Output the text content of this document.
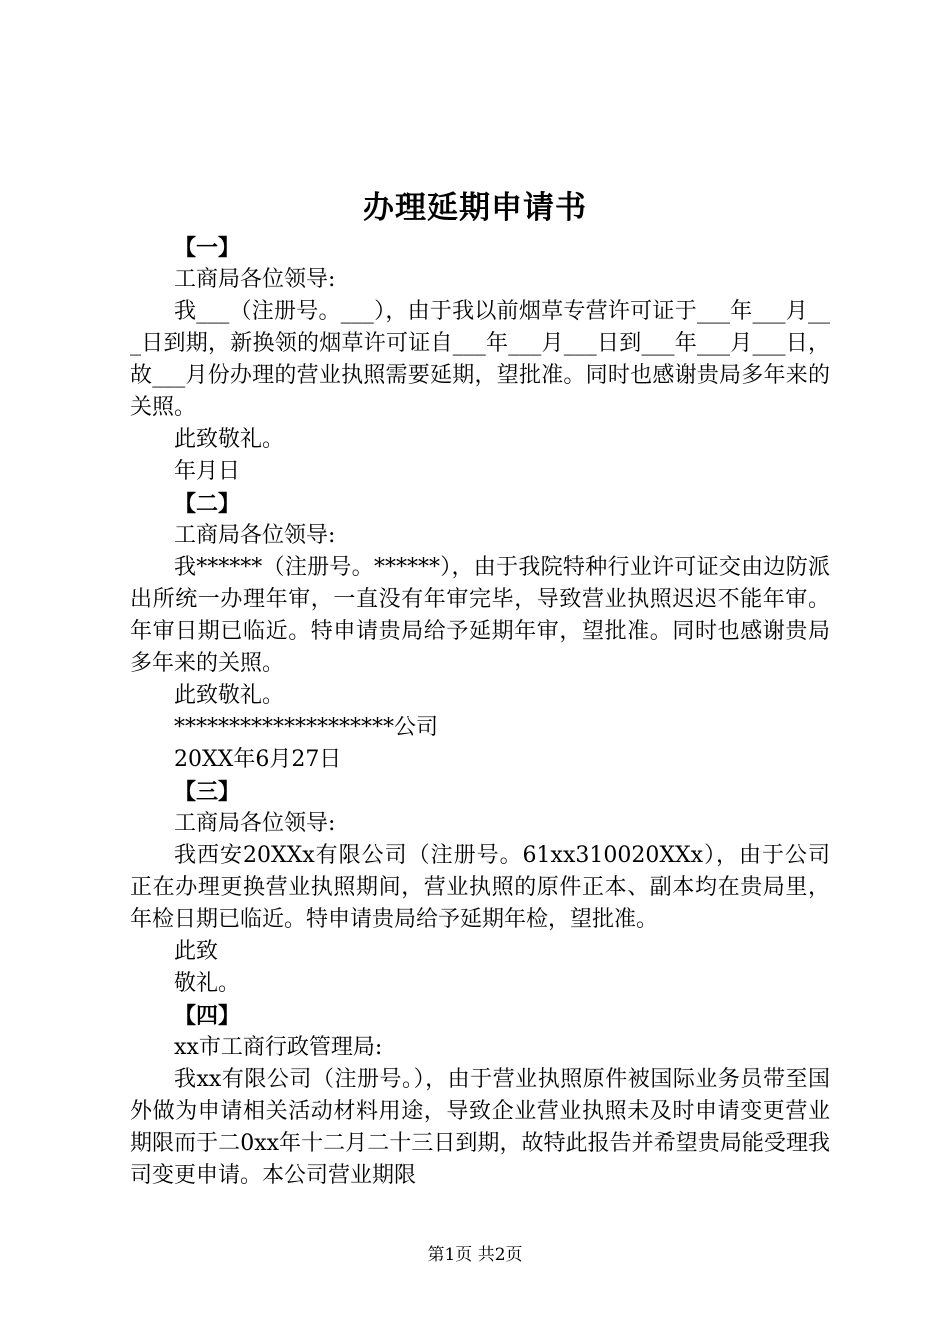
办理延期申请书

【一】

工商局各位领导:

我___（注册号。___），由于我以前烟草专营许可证于___年___月___日到期，新换领的烟草许可证自___年___月___日到___年___月___日，故___月份办理的营业执照需要延期，望批准。同时也感谢贵局多年来的关照。

此致敬礼。

年月日

【二】

工商局各位领导:

我******（注册号。******），由于我院特种行业许可证交由边防派出所统一办理年审，一直没有年审完毕，导致营业执照迟迟不能年审。年审日期已临近。特申请贵局给予延期年审，望批准。同时也感谢贵局多年来的关照。

此致敬礼。

********************公司

20XX年6月27日

【三】

工商局各位领导:

我西安20XXx有限公司（注册号。61xx310020XXx），由于公司正在办理更换营业执照期间，营业执照的原件正本、副本均在贵局里，年检日期已临近。特申请贵局给予延期年检，望批准。

此致

敬礼。

【四】

xx市工商行政管理局:

我xx有限公司（注册号。），由于营业执照原件被国际业务员带至国外做为申请相关活动材料用途，导致企业营业执照未及时申请变更营业期限而于二0xx年十二月二十三日到期，故特此报告并希望贵局能受理我司变更申请。本公司营业期限

第1页 共2页
